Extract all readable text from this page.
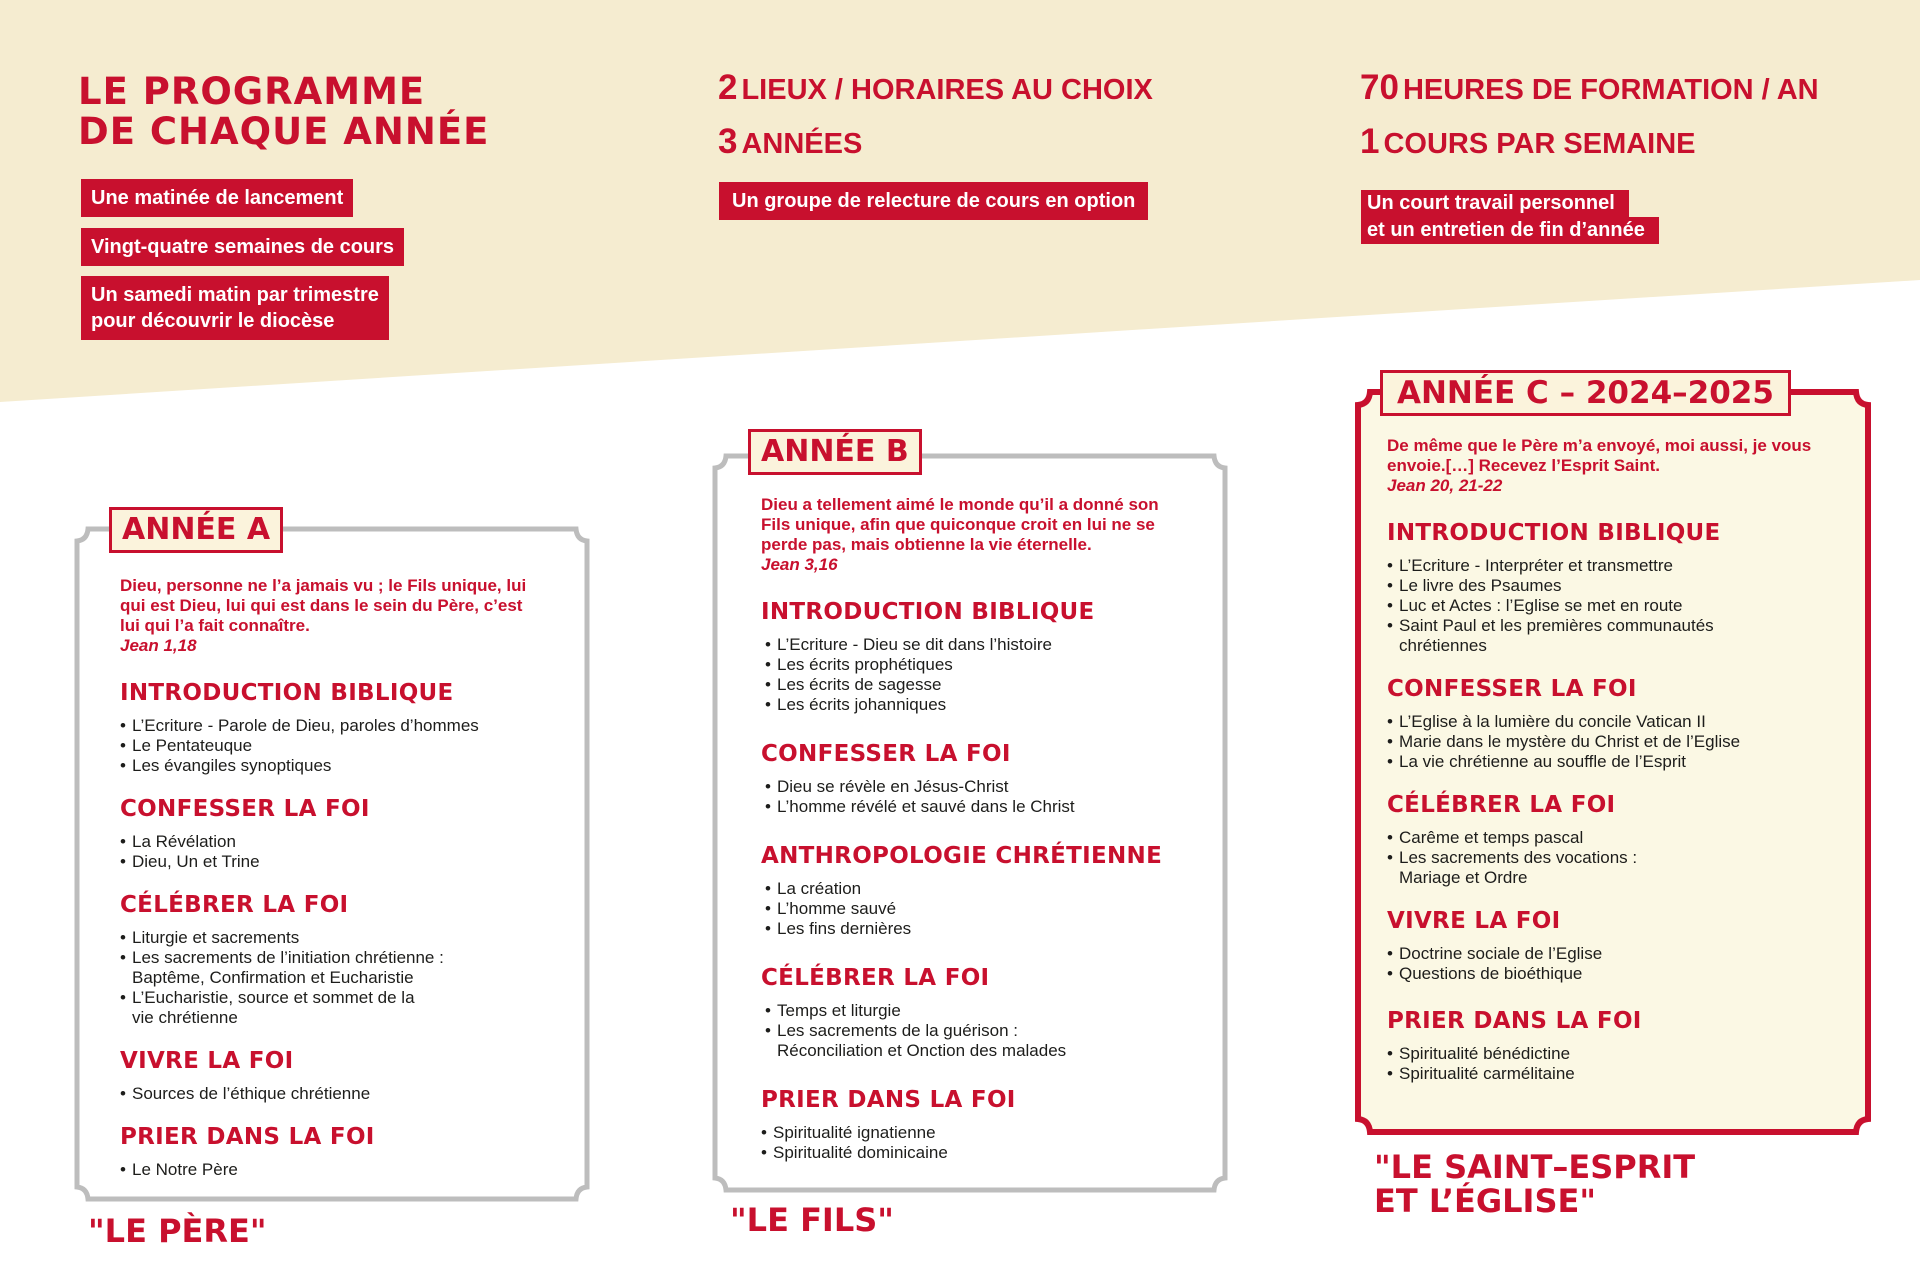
LE PROGRAMME
DE CHAQUE ANNÉE
Une matinée de lancement
Vingt-quatre semaines de cours
Un samedi matin par trimestre
pour découvrir le diocèse
2 LIEUX / HORAIRES AU CHOIX
3 ANNÉES
Un groupe de relecture de cours en option
70 HEURES DE FORMATION / AN
1 COURS PAR SEMAINE
Un court travail personnel
et un entretien de fin d’année
ANNÉE A
Dieu, personne ne l’a jamais vu ; le Fils unique, lui qui est Dieu, lui qui est dans le sein du Père, c’est lui qui l’a fait connaître.
Jean 1,18
INTRODUCTION BIBLIQUE
• L’Ecriture - Parole de Dieu, paroles d’hommes
• Le Pentateuque
• Les évangiles synoptiques
CONFESSER LA FOI
• La Révélation
• Dieu, Un et Trine
CÉLÉBRER LA FOI
• Liturgie et sacrements
• Les sacrements de l’initiation chrétienne :
Baptême, Confirmation et Eucharistie
• L’Eucharistie, source et sommet de la
vie chrétienne
VIVRE LA FOI
• Sources de l’éthique chrétienne
PRIER DANS LA FOI
• Le Notre Père
"LE PÈRE"
ANNÉE B
Dieu a tellement aimé le monde qu’il a donné son Fils unique, afin que quiconque croit en lui ne se perde pas, mais obtienne la vie éternelle.
Jean 3,16
INTRODUCTION BIBLIQUE
• L’Ecriture - Dieu se dit dans l’histoire
• Les écrits prophétiques
• Les écrits de sagesse
• Les écrits johanniques
CONFESSER LA FOI
• Dieu se révèle en Jésus-Christ
• L’homme révélé et sauvé dans le Christ
ANTHROPOLOGIE CHRÉTIENNE
• La création
• L’homme sauvé
• Les fins dernières
CÉLÉBRER LA FOI
• Temps et liturgie
• Les sacrements de la guérison :
Réconciliation et Onction des malades
PRIER DANS LA FOI
• Spiritualité ignatienne
• Spiritualité dominicaine
"LE FILS"
ANNÉE C – 2024–2025
De même que le Père m’a envoyé, moi aussi, je vous envoie.[…] Recevez l’Esprit Saint.
Jean 20, 21-22
INTRODUCTION BIBLIQUE
• L’Ecriture - Interpréter et transmettre
• Le livre des Psaumes
• Luc et Actes : l’Eglise se met en route
• Saint Paul et les premières communautés
chrétiennes
CONFESSER LA FOI
• L’Eglise à la lumière du concile Vatican II
• Marie dans le mystère du Christ et de l’Eglise
• La vie chrétienne au souffle de l’Esprit
CÉLÉBRER LA FOI
• Carême et temps pascal
• Les sacrements des vocations :
Mariage et Ordre
VIVRE LA FOI
• Doctrine sociale de l’Eglise
• Questions de bioéthique
PRIER DANS LA FOI
• Spiritualité bénédictine
• Spiritualité carmélitaine
"LE SAINT–ESPRIT
ET L’ÉGLISE"
